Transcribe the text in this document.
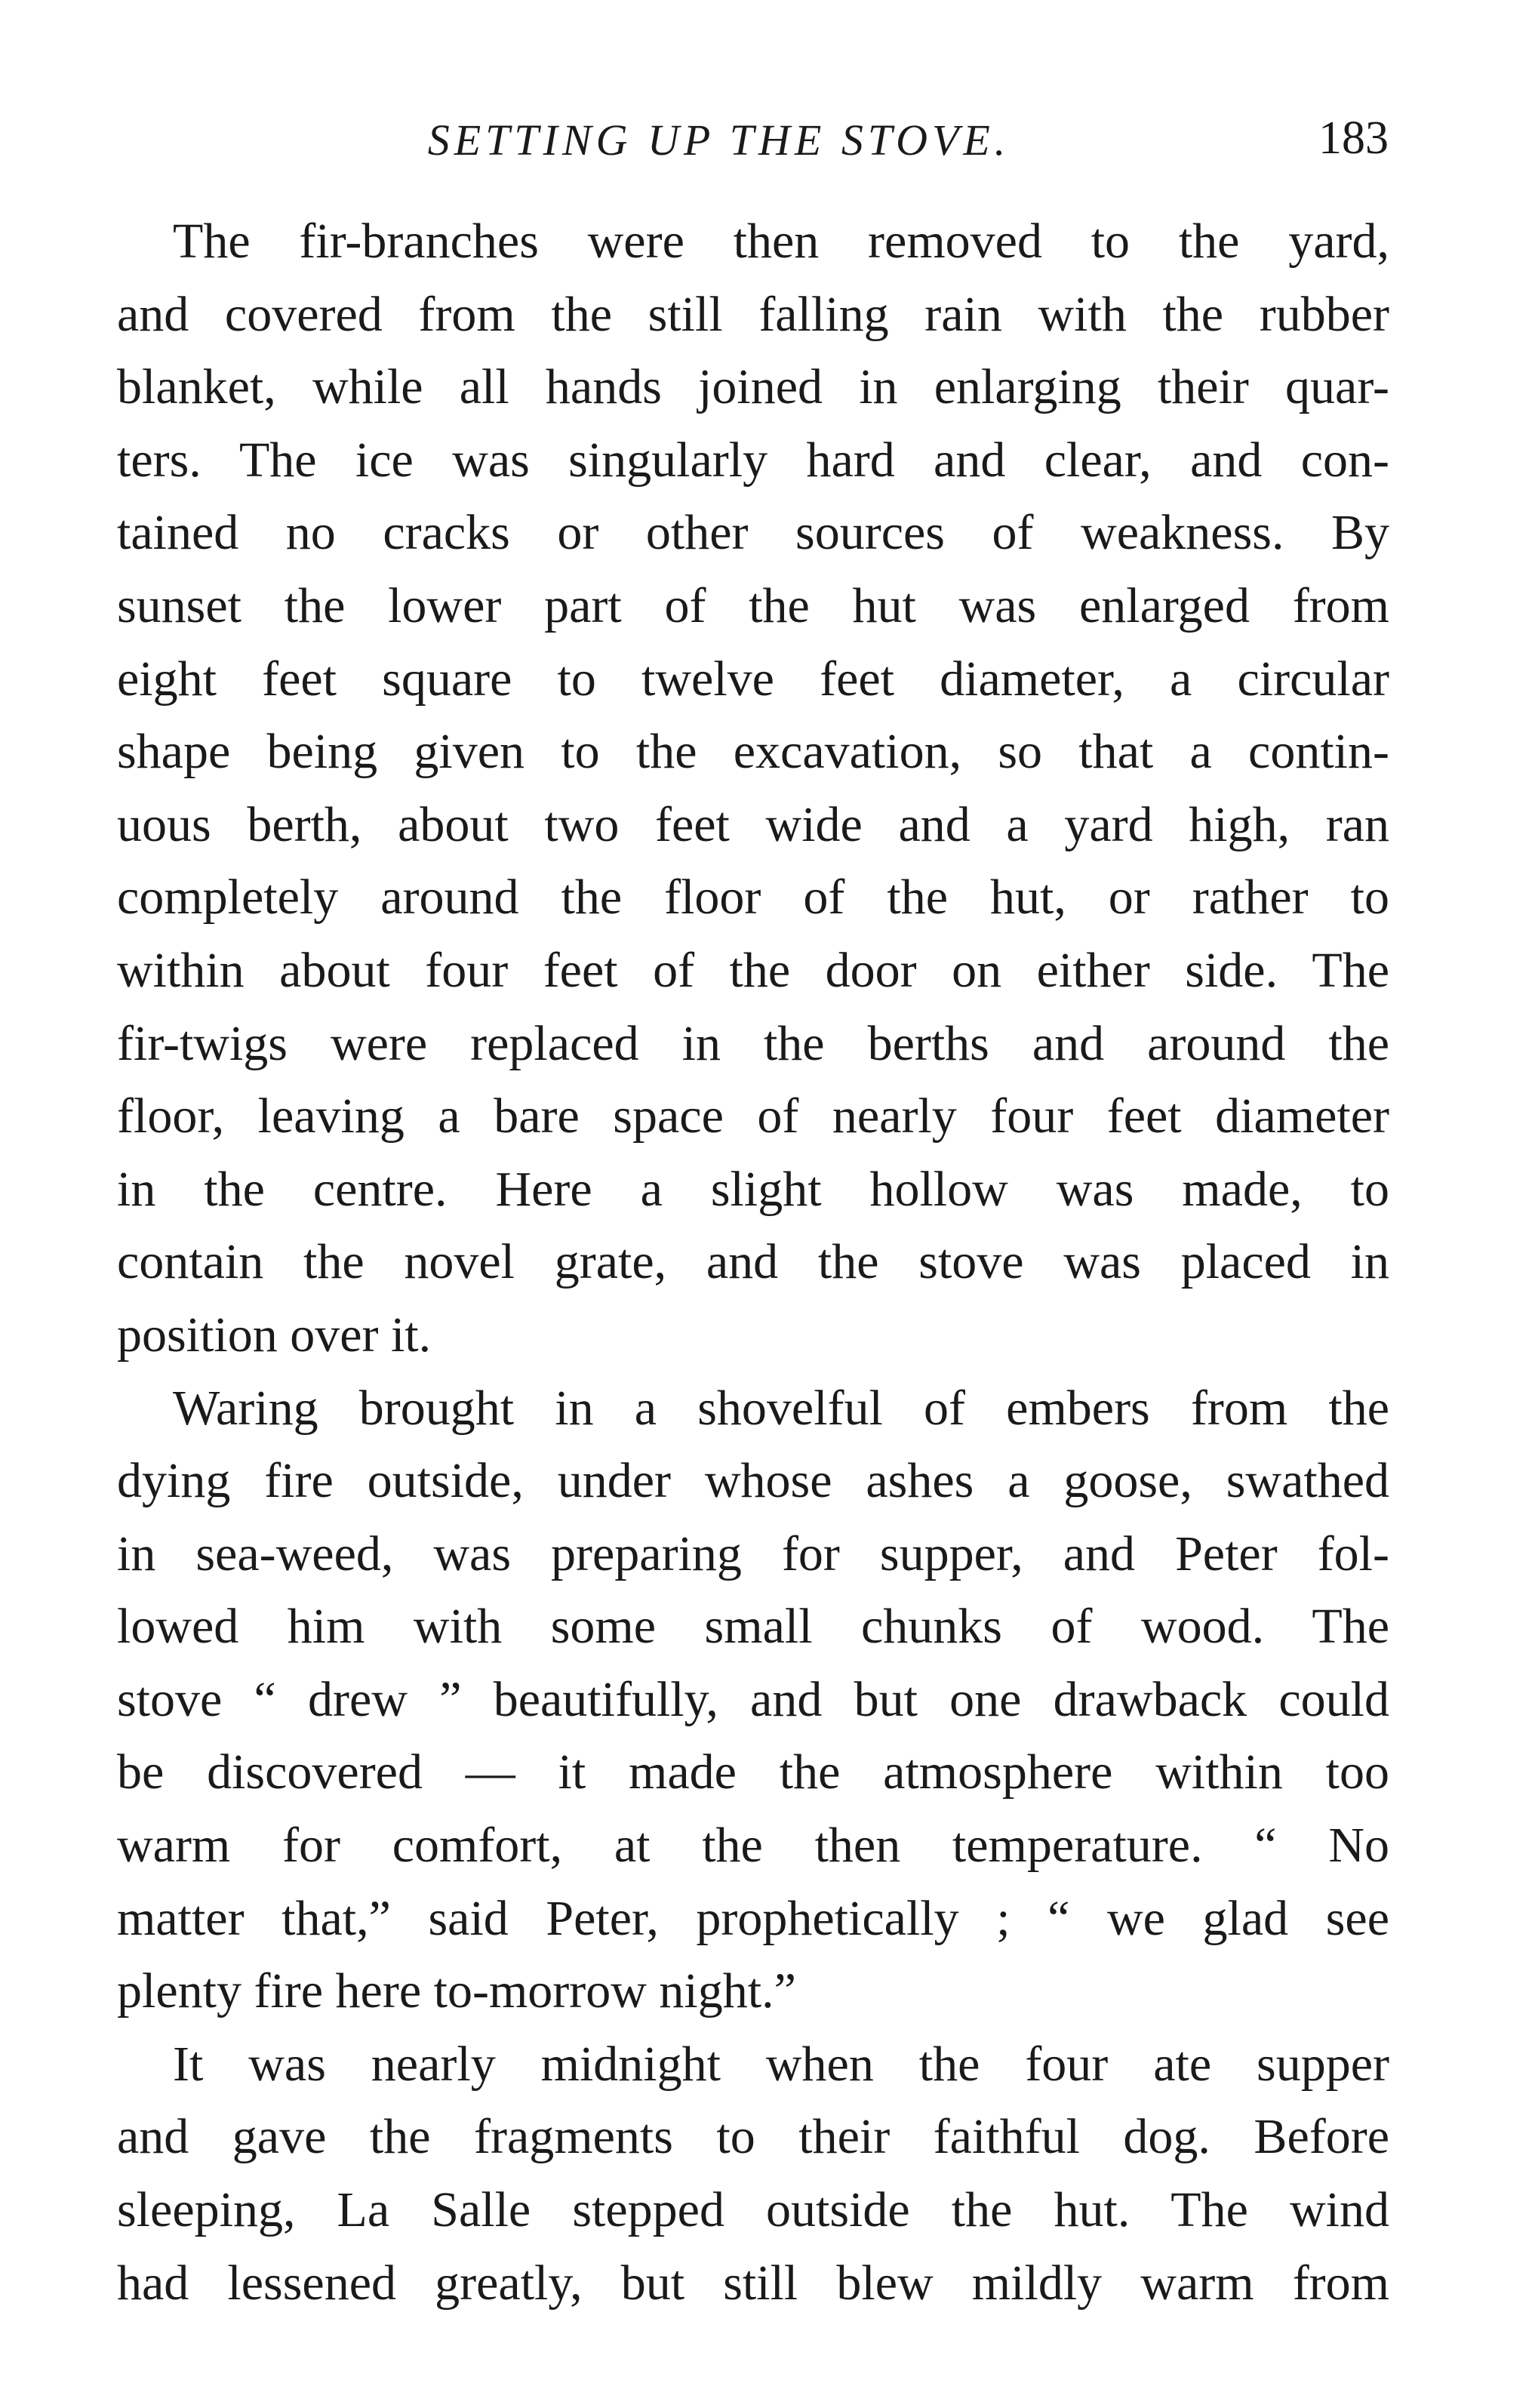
SETTING UP THE STOVE.	183
The fir-branches were then removed to the yard,
and covered from the still falling rain with the rubber
blanket, while all hands joined in enlarging their quar-
ters. The ice was singularly hard and clear, and con-
tained no cracks or other sources of weakness. By
sunset the lower part of the hut was enlarged from
eight feet square to twelve feet diameter, a circular
shape being given to the excavation, so that a contin-
uous berth, about two feet wide and a yard high, ran
completely around the floor of the hut, or rather to
within about four feet of the door on either side. The
fir-twigs were replaced in the berths and around the
floor, leaving a bare space of nearly four feet diameter
in the centre. Here a slight hollow was made, to
contain the novel grate, and the stove was placed in
position over it.
Waring brought in a shovelful of embers from the
dying fire outside, under whose ashes a goose, swathed
in sea-weed, was preparing for supper, and Peter fol-
lowed him with some small chunks of wood. The
stove “ drew ” beautifully, and but one drawback could
be discovered — it made the atmosphere within too
warm for comfort, at the then temperature. “ No
matter that,” said Peter, prophetically ; “ we glad see
plenty fire here to-morrow night.”
It was nearly midnight when the four ate supper
and gave the fragments to their faithful dog. Before
sleeping, La Salle stepped outside the hut. The wind
had lessened greatly, but still blew mildly warm from
